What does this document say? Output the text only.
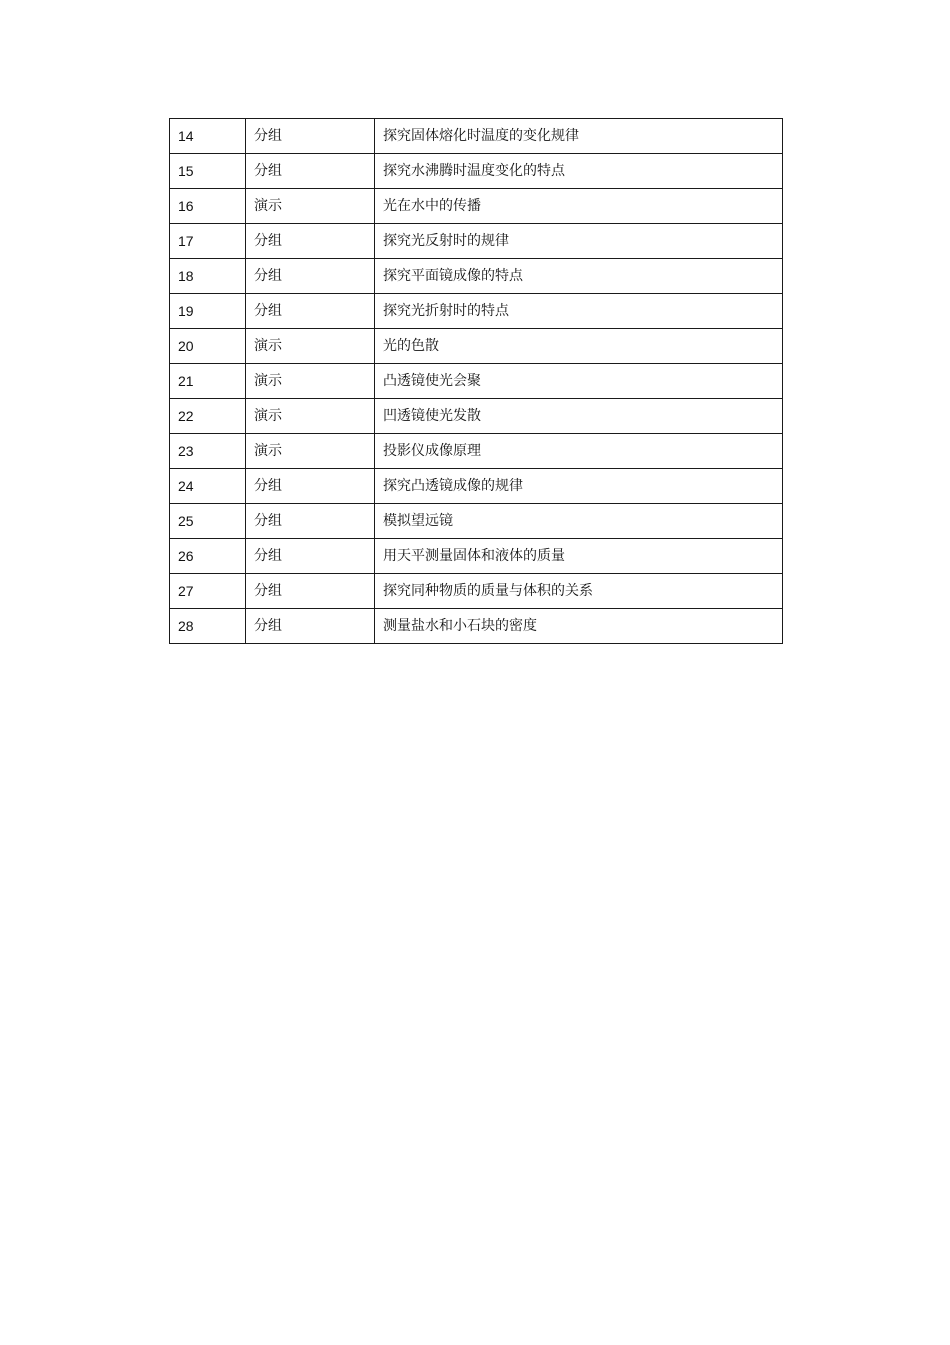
14	分组	探究固体熔化时温度的变化规律
15	分组	探究水沸腾时温度变化的特点
16	演示	光在水中的传播
17	分组	探究光反射时的规律
18	分组	探究平面镜成像的特点
19	分组	探究光折射时的特点
20	演示	光的色散
21	演示	凸透镜使光会聚
22	演示	凹透镜使光发散
23	演示	投影仪成像原理
24	分组	探究凸透镜成像的规律
25	分组	模拟望远镜
26	分组	用天平测量固体和液体的质量
27	分组	探究同种物质的质量与体积的关系
28	分组	测量盐水和小石块的密度
